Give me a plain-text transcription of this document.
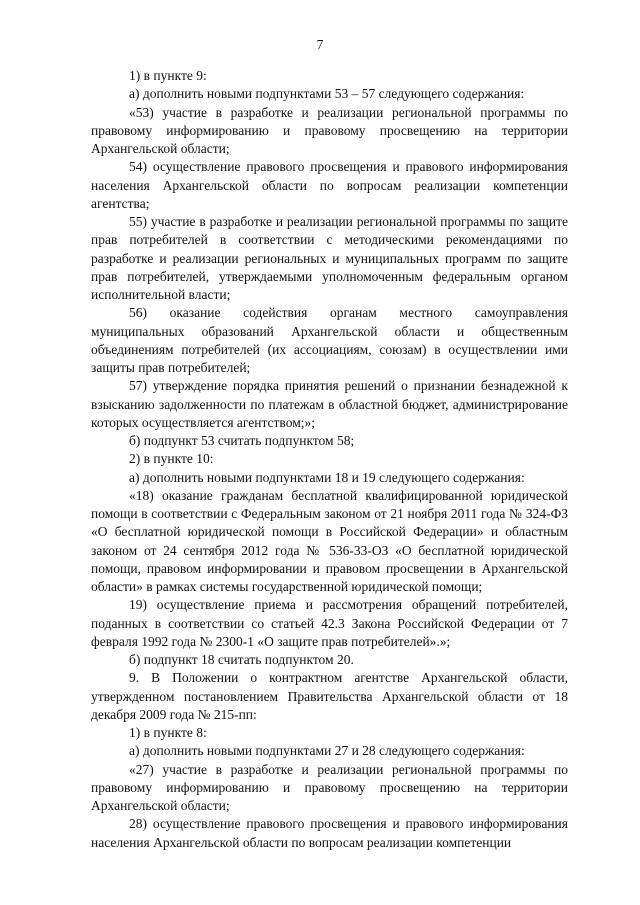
7

1) в пункте 9:

а) дополнить новыми подпунктами 53 – 57 следующего содержания:

«53) участие в разработке и реализации региональной программы по правовому информированию и правовому просвещению на территории Архангельской области;

54) осуществление правового просвещения и правового информирования населения Архангельской области по вопросам реализации компетенции агентства;

55) участие в разработке и реализации региональной программы по защите прав потребителей в соответствии с методическими рекомендациями по разработке и реализации региональных и муниципальных программ по защите прав потребителей, утверждаемыми уполномоченным федеральным органом исполнительной власти;

56) оказание содействия органам местного самоуправления муниципальных образований Архангельской области и общественным объединениям потребителей (их ассоциациям, союзам) в осуществлении ими защиты прав потребителей;

57) утверждение порядка принятия решений о признании безнадежной к взысканию задолженности по платежам в областной бюджет, администрирование которых осуществляется агентством;»;

б) подпункт 53 считать подпунктом 58;

2) в пункте 10:

а) дополнить новыми подпунктами 18 и 19 следующего содержания:

«18) оказание гражданам бесплатной квалифицированной юридической помощи в соответствии с Федеральным законом от 21 ноября 2011 года № 324-ФЗ «О бесплатной юридической помощи в Российской Федерации» и областным законом от 24 сентября 2012 года № 536-33-ОЗ «О бесплатной юридической помощи, правовом информировании и правовом просвещении в Архангельской области» в рамках системы государственной юридической помощи;

19) осуществление приема и рассмотрения обращений потребителей, поданных в соответствии со статьей 42.3 Закона Российской Федерации от 7 февраля 1992 года № 2300-1 «О защите прав потребителей».»;

б) подпункт 18 считать подпунктом 20.

9. В Положении о контрактном агентстве Архангельской области, утвержденном постановлением Правительства Архангельской области от 18 декабря 2009 года № 215-пп:

1) в пункте 8:

а) дополнить новыми подпунктами 27 и 28 следующего содержания:

«27) участие в разработке и реализации региональной программы по правовому информированию и правовому просвещению на территории Архангельской области;

28) осуществление правового просвещения и правового информирования населения Архангельской области по вопросам реализации компетенции
